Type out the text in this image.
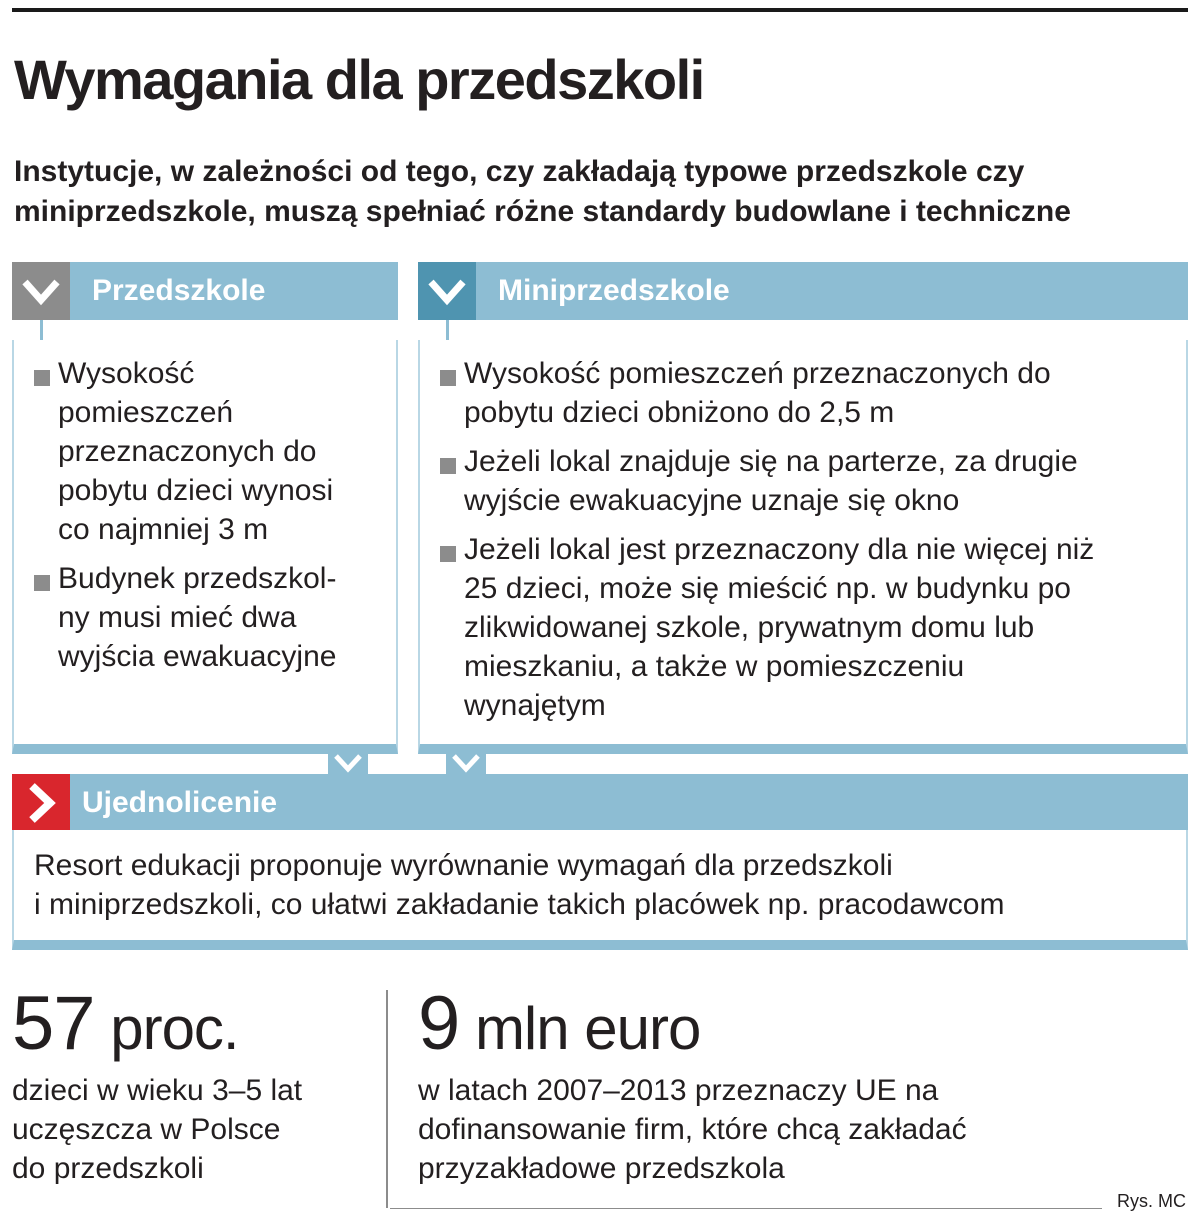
Wymagania dla przedszkoli
Instytucje, w zależności od tego, czy zakładają typowe przedszkole czy
miniprzedszkole, muszą spełniać różne standardy budowlane i techniczne
Przedszkole
Wysokość
pomieszczeń
przeznaczonych do
pobytu dzieci wynosi
co najmniej 3 m
Budynek przedszkol-
ny musi mieć dwa
wyjścia ewakuacyjne
Miniprzedszkole
Wysokość pomieszczeń przeznaczonych do
pobytu dzieci obniżono do 2,5 m
Jeżeli lokal znajduje się na parterze, za drugie
wyjście ewakuacyjne uznaje się okno
Jeżeli lokal jest przeznaczony dla nie więcej niż
25 dzieci, może się mieścić np. w budynku po
zlikwidowanej szkole, prywatnym domu lub
mieszkaniu, a także w pomieszczeniu
wynajętym
Ujednolicenie
Resort edukacji proponuje wyrównanie wymagań dla przedszkoli
i miniprzedszkoli, co ułatwi zakładanie takich placówek np. pracodawcom
57 proc.
dzieci w wieku 3–5 lat
uczęszcza w Polsce
do przedszkoli
9 mln euro
w latach 2007–2013 przeznaczy UE na
dofinansowanie firm, które chcą zakładać
przyzakładowe przedszkola
Rys. MC
